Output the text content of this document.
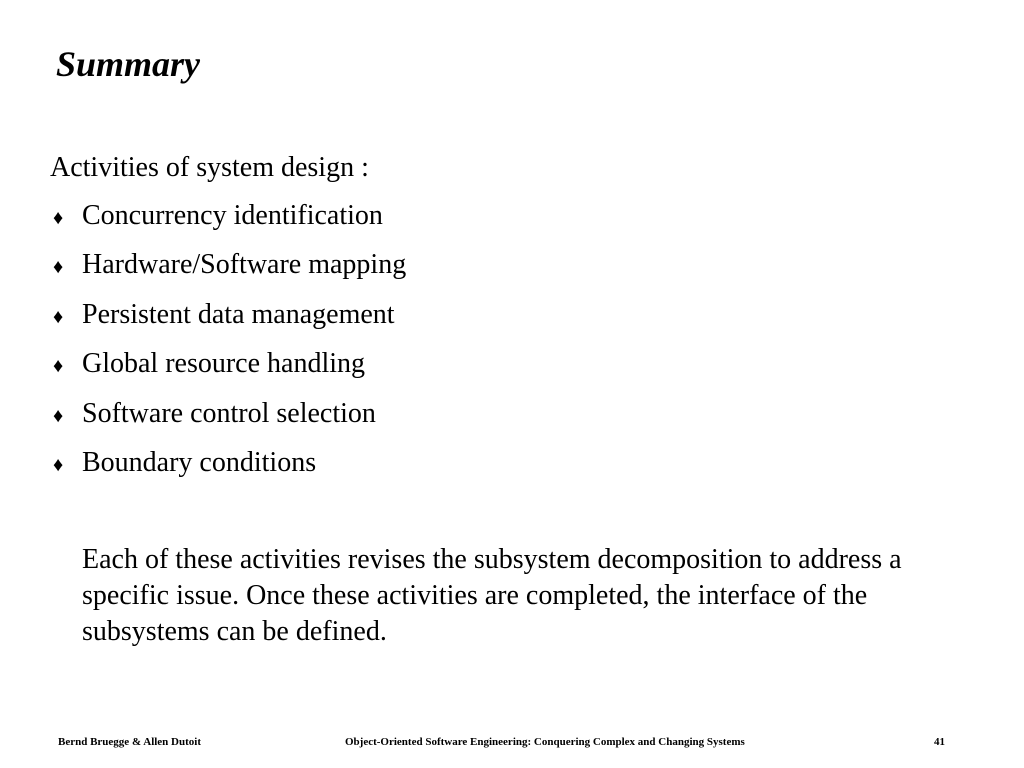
Summary

Activities of system design :

♦ Concurrency identification
♦ Hardware/Software mapping
♦ Persistent data management
♦ Global resource handling
♦ Software control selection
♦ Boundary conditions

Each of these activities revises the subsystem decomposition to address a specific issue. Once these activities are completed, the interface of the subsystems can be defined.

Bernd Bruegge & Allen Dutoit	Object-Oriented Software Engineering: Conquering Complex and Changing Systems	41
